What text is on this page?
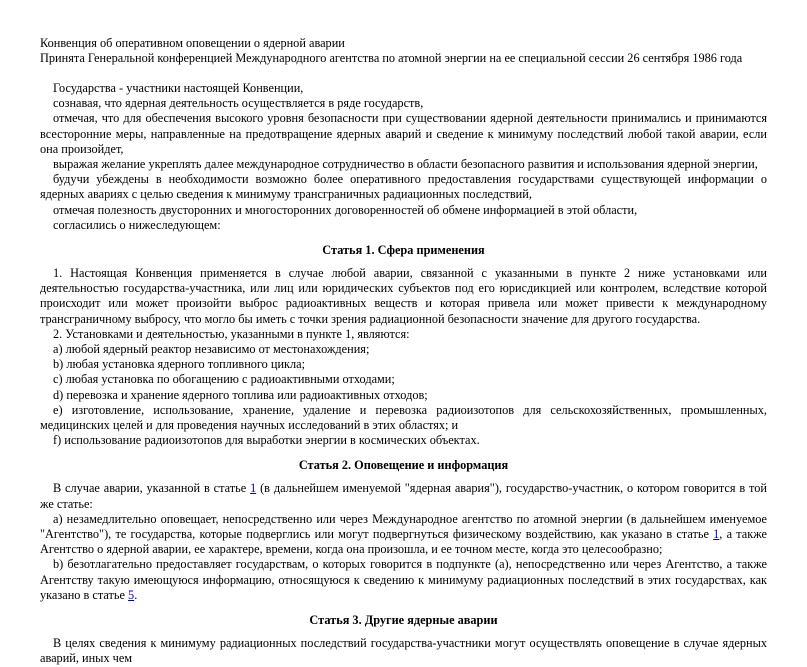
Конвенция об оперативном оповещении о ядерной аварии
Принята Генеральной конференцией Международного агентства по атомной энергии на ее специальной сессии 26 сентября 1986 года

Государства - участники настоящей Конвенции,

сознавая, что ядерная деятельность осуществляется в ряде государств,

отмечая, что для обеспечения высокого уровня безопасности при существовании ядерной деятельности принимались и принимаются всесторонние меры, направленные на предотвращение ядерных аварий и сведение к минимуму последствий любой такой аварии, если она произойдет,

выражая желание укреплять далее международное сотрудничество в области безопасного развития и использования ядерной энергии,

будучи убеждены в необходимости возможно более оперативного предоставления государствами существующей информации о ядерных авариях с целью сведения к минимуму трансграничных радиационных последствий,

отмечая полезность двусторонних и многосторонних договоренностей об обмене информацией в этой области,

согласились о нижеследующем:

Статья 1. Сфера применения

1. Настоящая Конвенция применяется в случае любой аварии, связанной с указанными в пункте 2 ниже установками или деятельностью государства-участника, или лиц или юридических субъектов под его юрисдикцией или контролем, вследствие которой происходит или может произойти выброс радиоактивных веществ и которая привела или может привести к международному трансграничному выбросу, что могло бы иметь с точки зрения радиационной безопасности значение для другого государства.

2. Установками и деятельностью, указанными в пункте 1, являются:

a) любой ядерный реактор независимо от местонахождения;

b) любая установка ядерного топливного цикла;

c) любая установка по обогащению с радиоактивными отходами;

d) перевозка и хранение ядерного топлива или радиоактивных отходов;

e) изготовление, использование, хранение, удаление и перевозка радиоизотопов для сельскохозяйственных, промышленных, медицинских целей и для проведения научных исследований в этих областях; и

f) использование радиоизотопов для выработки энергии в космических объектах.

Статья 2. Оповещение и информация

В случае аварии, указанной в статье 1 (в дальнейшем именуемой "ядерная авария"), государство-участник, о котором говорится в той же статье:

a) незамедлительно оповещает, непосредственно или через Международное агентство по атомной энергии (в дальнейшем именуемое "Агентство"), те государства, которые подверглись или могут подвергнуться физическому воздействию, как указано в статье 1, а также Агентство о ядерной аварии, ее характере, времени, когда она произошла, и ее точном месте, когда это целесообразно;

b) безотлагательно предоставляет государствам, о которых говорится в подпункте (a), непосредственно или через Агентство, а также Агентству такую имеющуюся информацию, относящуюся к сведению к минимуму радиационных последствий в этих государствах, как указано в статье 5.

Статья 3. Другие ядерные аварии

В целях сведения к минимуму радиационных последствий государства-участники могут осуществлять оповещение в случае ядерных аварий, иных чем
